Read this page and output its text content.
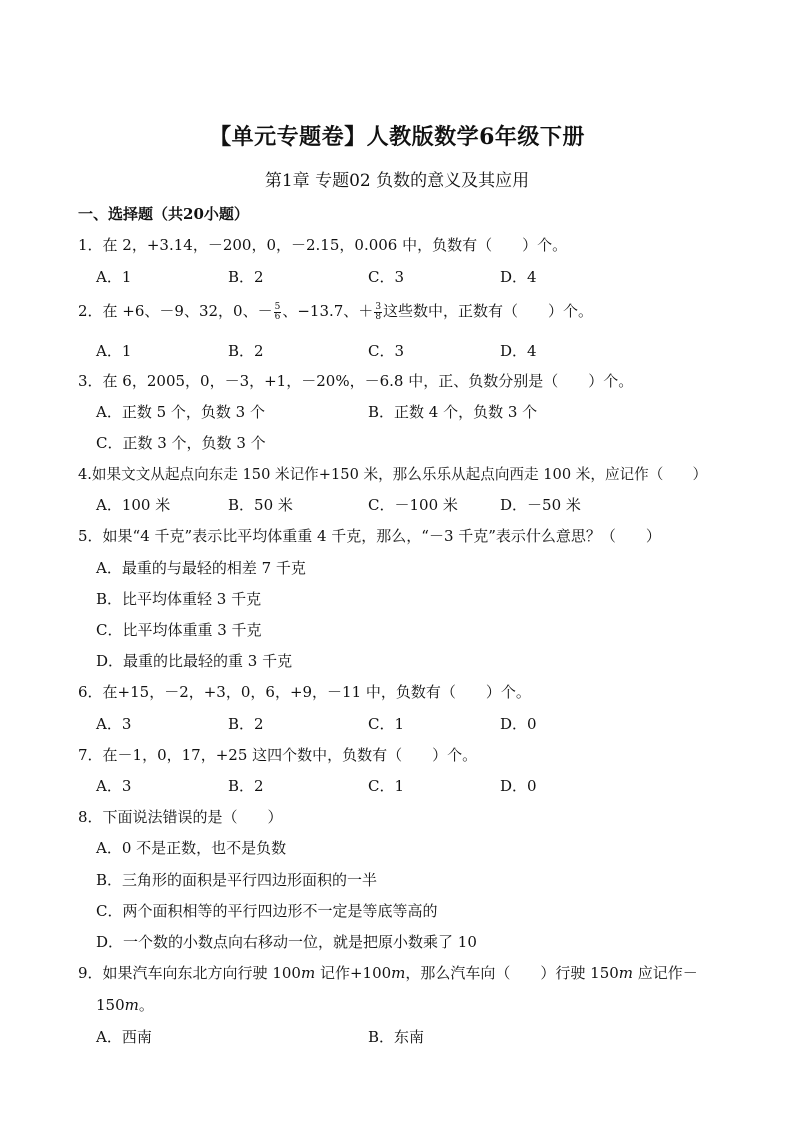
【单元专题卷】人教版数学6年级下册
第1章 专题02 负数的意义及其应用
一、选择题（共20小题）
1．在 2，+3.14，－200，0，－2.15，0.006 中，负数有（　　）个。
A．1	B．2	C．3	D．4
2．在 +6、－9、32，0、－ $\frac{5}{6}$ 、−13.7、＋ $\frac{3}{8}$ 这些数中，正数有（　　）个。
A．1	B．2	C．3	D．4
3．在 6，2005，0，－3，+1，－20%，－6.8 中，正、负数分别是（　　）个。
A．正数 5 个，负数 3 个	B．正数 4 个，负数 3 个
C．正数 3 个，负数 3 个
4.如果文文从起点向东走 150 米记作+150 米，那么乐乐从起点向西走 100 米，应记作（　　）
A．100 米	B．50 米	C．－100 米	D．－50 米
5．如果“4 千克”表示比平均体重重 4 千克，那么，“－3 千克”表示什么意思？（　　）
A．最重的与最轻的相差 7 千克
B．比平均体重轻 3 千克
C．比平均体重重 3 千克
D．最重的比最轻的重 3 千克
6．在+15，－2，+3，0，6，+9，－11 中，负数有（　　）个。
A．3	B．2	C．1	D．0
7．在－1，0，17，+25 这四个数中，负数有（　　）个。
A．3	B．2	C．1	D．0
8．下面说法错误的是（　　）
A．0 不是正数，也不是负数
B．三角形的面积是平行四边形面积的一半
C．两个面积相等的平行四边形不一定是等底等高的
D．一个数的小数点向右移动一位，就是把原小数乘了 10
9．如果汽车向东北方向行驶 100m 记作+100m，那么汽车向（　　）行驶 150m 应记作－
150m。
A．西南	B．东南
